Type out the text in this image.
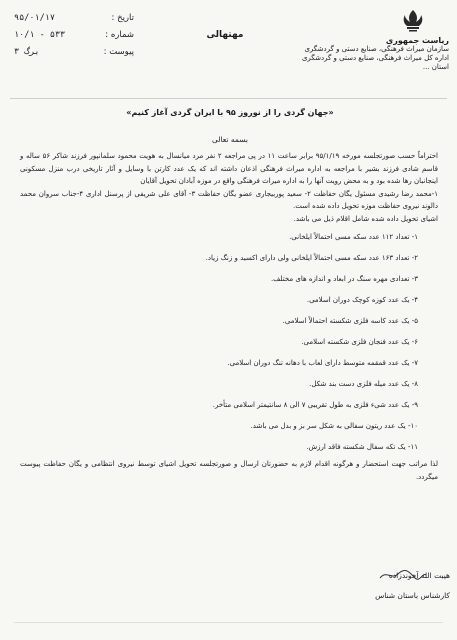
ریاست جمهوری
سازمان میراث فرهنگی، صنایع دستی و گردشگری
اداره کل میراث فرهنگی، صنایع دستی و گردشگری استان ...
مهتهالی
تاریخ :
۹۵/۰۱/۱۷
شماره :
۱۰/۱ - ۵۳۳
پیوست :
۳ برگ
«جهان گردی را از نوروز ۹۵ با ایران گردی آغاز کنیم»
بسمه تعالی

احتراماً حسب صورتجلسه مورخه ۹۵/۱/۱۹ برابر ساعت ۱۱ در پی مراجعه ۲ نفر مرد میانسال به هویت محمود سلمانپور فرزند شاکر ۵۶ ساله و قاسم شادی فرزند بشیر با مراجعه به اداره میراث فرهنگی اذعان داشته اند که یک عدد کارتن با وسایل و آثار تاریخی درب منزل مسکونی اینجانبان رها شده بود و به محض رویت آنها را به اداره میراث فرهنگی واقع در موزه آبادان تحویل آقایان

۱-محمد رضا رشیدی مسئول یگان حفاظت ۲- سعید پوربیجاری عضو یگان حفاظت ۳- آقای علی شریفی از پرسنل اداری ۴-جناب سروان محمد دالوند نیروی حفاظت موزه تحویل داده شده است.

اشیای تحویل داده شده شامل اقلام ذیل می باشد.

۱- تعداد ۱۱۲ عدد سکه مسی احتمالاً ایلخانی.
۲- تعداد ۱۶۳ عدد سکه مسی احتمالاً ایلخانی ولی دارای اکسید و زنگ زیاد.
۳- تعدادی مهره سنگ در ابعاد و اندازه های مختلف.
۴- یک عدد کوزه کوچک دوران اسلامی.
۵- یک عدد کاسه فلزی شکسته احتمالاً اسلامی.
۶- یک عدد فنجان فلزی شکسته اسلامی.
۷- یک عدد قمقمه متوسط دارای لعاب با دهانه تنگ دوران اسلامی.
۸- یک عدد میله فلزی دست بند شکل.
۹- یک عدد شیء فلزی به طول تقریبی ۷ الی ۸ سانتیمتر اسلامی متأخر.
۱۰- یک عدد ریتون سفالی به شکل سر بز و بدل می باشد.
۱۱- یک تکه سفال شکسته فاقد ارزش.

لذا مراتب جهت استحضار و هرگونه اقدام لازم به حضورتان ارسال و صورتجلسه تحویل اشیای توسط نیروی انتظامی و یگان حفاظت پیوست میگردد.

هیبت الله آخوندزاده
کارشناس باستان شناس
